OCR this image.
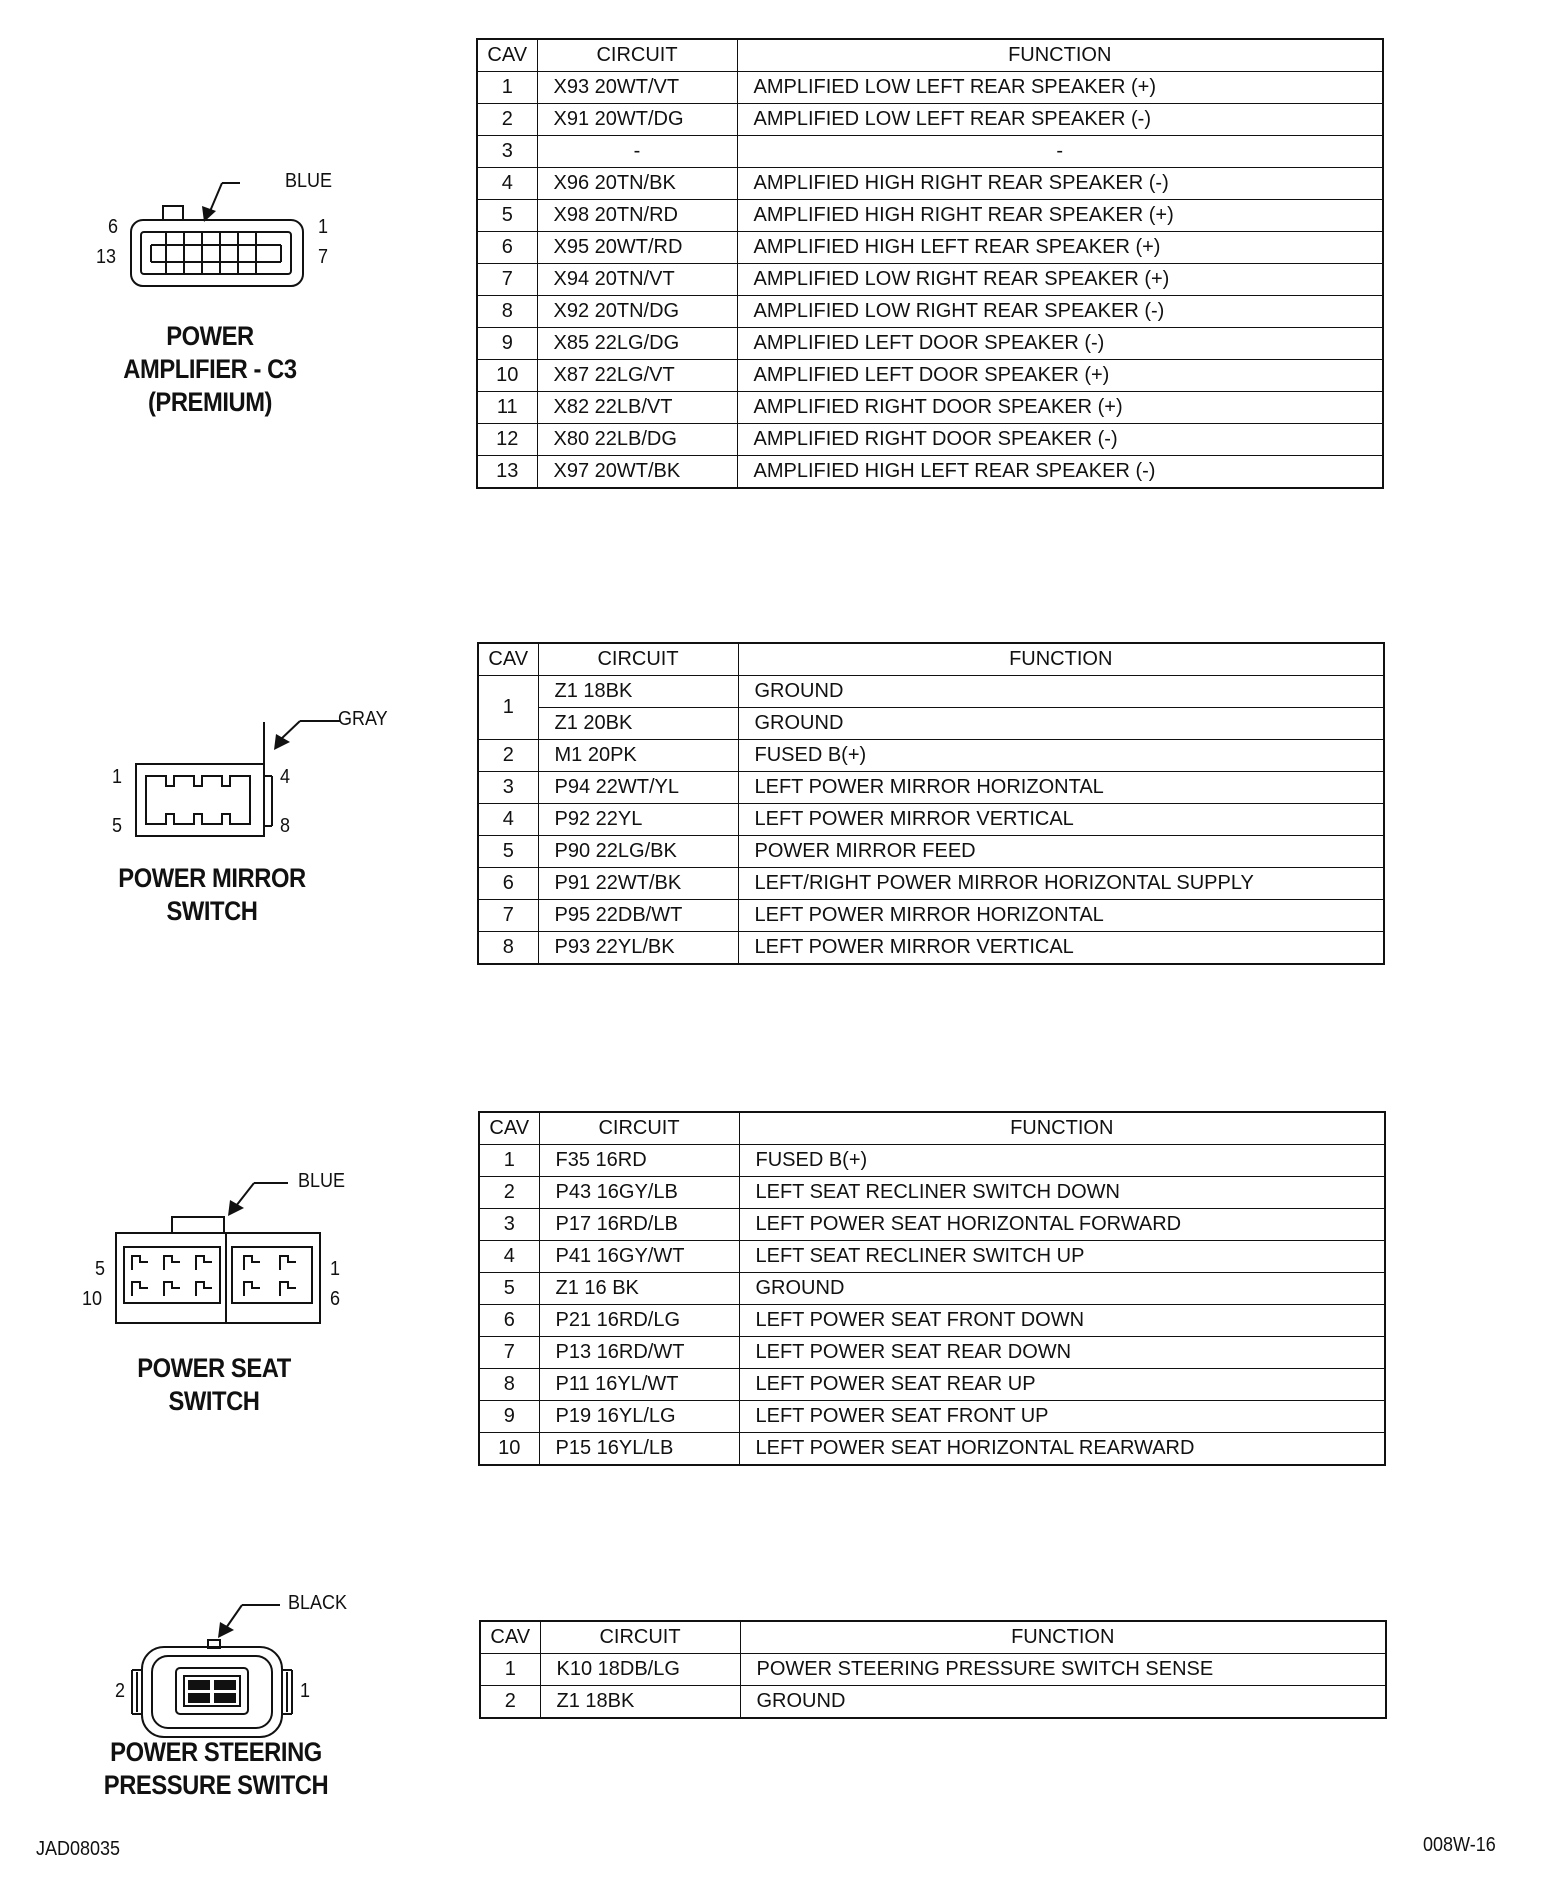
BLUE
6
13
1
7
POWER
AMPLIFIER - C3
(PREMIUM)
CAV	CIRCUIT	FUNCTION
1	X93 20WT/VT	AMPLIFIED LOW LEFT REAR SPEAKER (+)
2	X91 20WT/DG	AMPLIFIED LOW LEFT REAR SPEAKER (-)
3	-	-
4	X96 20TN/BK	AMPLIFIED HIGH RIGHT REAR SPEAKER (-)
5	X98 20TN/RD	AMPLIFIED HIGH RIGHT REAR SPEAKER (+)
6	X95 20WT/RD	AMPLIFIED HIGH LEFT REAR SPEAKER (+)
7	X94 20TN/VT	AMPLIFIED LOW RIGHT REAR SPEAKER (+)
8	X92 20TN/DG	AMPLIFIED LOW RIGHT REAR SPEAKER (-)
9	X85 22LG/DG	AMPLIFIED LEFT DOOR SPEAKER (-)
10	X87 22LG/VT	AMPLIFIED LEFT DOOR SPEAKER (+)
11	X82 22LB/VT	AMPLIFIED RIGHT DOOR SPEAKER (+)
12	X80 22LB/DG	AMPLIFIED RIGHT DOOR SPEAKER (-)
13	X97 20WT/BK	AMPLIFIED HIGH LEFT REAR SPEAKER (-)
GRAY
1
5
4
8
POWER MIRROR
SWITCH
CAV	CIRCUIT	FUNCTION
1	Z1 18BK	GROUND
	Z1 20BK	GROUND
2	M1 20PK	FUSED B(+)
3	P94 22WT/YL	LEFT POWER MIRROR HORIZONTAL
4	P92 22YL	LEFT POWER MIRROR VERTICAL
5	P90 22LG/BK	POWER MIRROR FEED
6	P91 22WT/BK	LEFT/RIGHT POWER MIRROR HORIZONTAL SUPPLY
7	P95 22DB/WT	LEFT POWER MIRROR HORIZONTAL
8	P93 22YL/BK	LEFT POWER MIRROR VERTICAL
BLUE
5
10
1
6
POWER SEAT
SWITCH
CAV	CIRCUIT	FUNCTION
1	F35 16RD	FUSED B(+)
2	P43 16GY/LB	LEFT SEAT RECLINER SWITCH DOWN
3	P17 16RD/LB	LEFT POWER SEAT HORIZONTAL FORWARD
4	P41 16GY/WT	LEFT SEAT RECLINER SWITCH UP
5	Z1 16 BK	GROUND
6	P21 16RD/LG	LEFT POWER SEAT FRONT DOWN
7	P13 16RD/WT	LEFT POWER SEAT REAR DOWN
8	P11 16YL/WT	LEFT POWER SEAT REAR UP
9	P19 16YL/LG	LEFT POWER SEAT FRONT UP
10	P15 16YL/LB	LEFT POWER SEAT HORIZONTAL REARWARD
BLACK
2	1
POWER STEERING
PRESSURE SWITCH
CAV	CIRCUIT	FUNCTION
1	K10 18DB/LG	POWER STEERING PRESSURE SWITCH SENSE
2	Z1 18BK	GROUND
JAD08035	008W-16
